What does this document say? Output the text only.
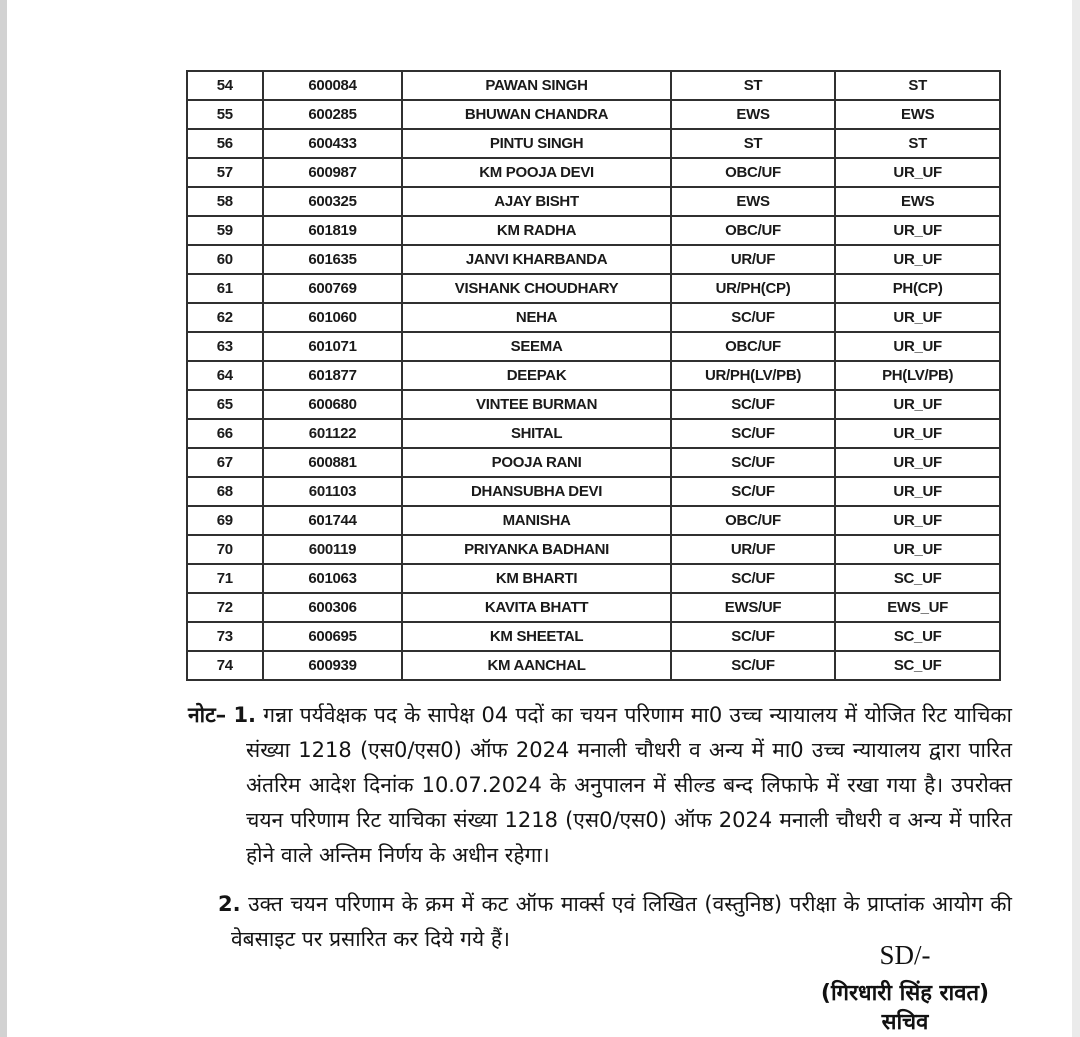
54	600084	PAWAN SINGH	ST	ST
55	600285	BHUWAN CHANDRA	EWS	EWS
56	600433	PINTU SINGH	ST	ST
57	600987	KM POOJA DEVI	OBC/UF	UR_UF
58	600325	AJAY BISHT	EWS	EWS
59	601819	KM RADHA	OBC/UF	UR_UF
60	601635	JANVI KHARBANDA	UR/UF	UR_UF
61	600769	VISHANK CHOUDHARY	UR/PH(CP)	PH(CP)
62	601060	NEHA	SC/UF	UR_UF
63	601071	SEEMA	OBC/UF	UR_UF
64	601877	DEEPAK	UR/PH(LV/PB)	PH(LV/PB)
65	600680	VINTEE BURMAN	SC/UF	UR_UF
66	601122	SHITAL	SC/UF	UR_UF
67	600881	POOJA RANI	SC/UF	UR_UF
68	601103	DHANSUBHA DEVI	SC/UF	UR_UF
69	601744	MANISHA	OBC/UF	UR_UF
70	600119	PRIYANKA BADHANI	UR/UF	UR_UF
71	601063	KM BHARTI	SC/UF	SC_UF
72	600306	KAVITA BHATT	EWS/UF	EWS_UF
73	600695	KM SHEETAL	SC/UF	SC_UF
74	600939	KM AANCHAL	SC/UF	SC_UF

नोट– 1. गन्ना पर्यवेक्षक पद के सापेक्ष 04 पदों का चयन परिणाम मा0 उच्च न्यायालय में योजित रिट याचिका संख्या 1218 (एस0/एस0) ऑफ 2024 मनाली चौधरी व अन्य में मा0 उच्च न्यायालय द्वारा पारित अंतरिम आदेश दिनांक 10.07.2024 के अनुपालन में सील्ड बन्द लिफाफे में रखा गया है। उपरोक्त चयन परिणाम रिट याचिका संख्या 1218 (एस0/एस0) ऑफ 2024 मनाली चौधरी व अन्य में पारित होने वाले अन्तिम निर्णय के अधीन रहेगा।

2. उक्त चयन परिणाम के क्रम में कट ऑफ मार्क्स एवं लिखित (वस्तुनिष्ठ) परीक्षा के प्राप्तांक आयोग की वेबसाइट पर प्रसारित कर दिये गये हैं।

SD/-
(गिरधारी सिंह रावत)
सचिव
